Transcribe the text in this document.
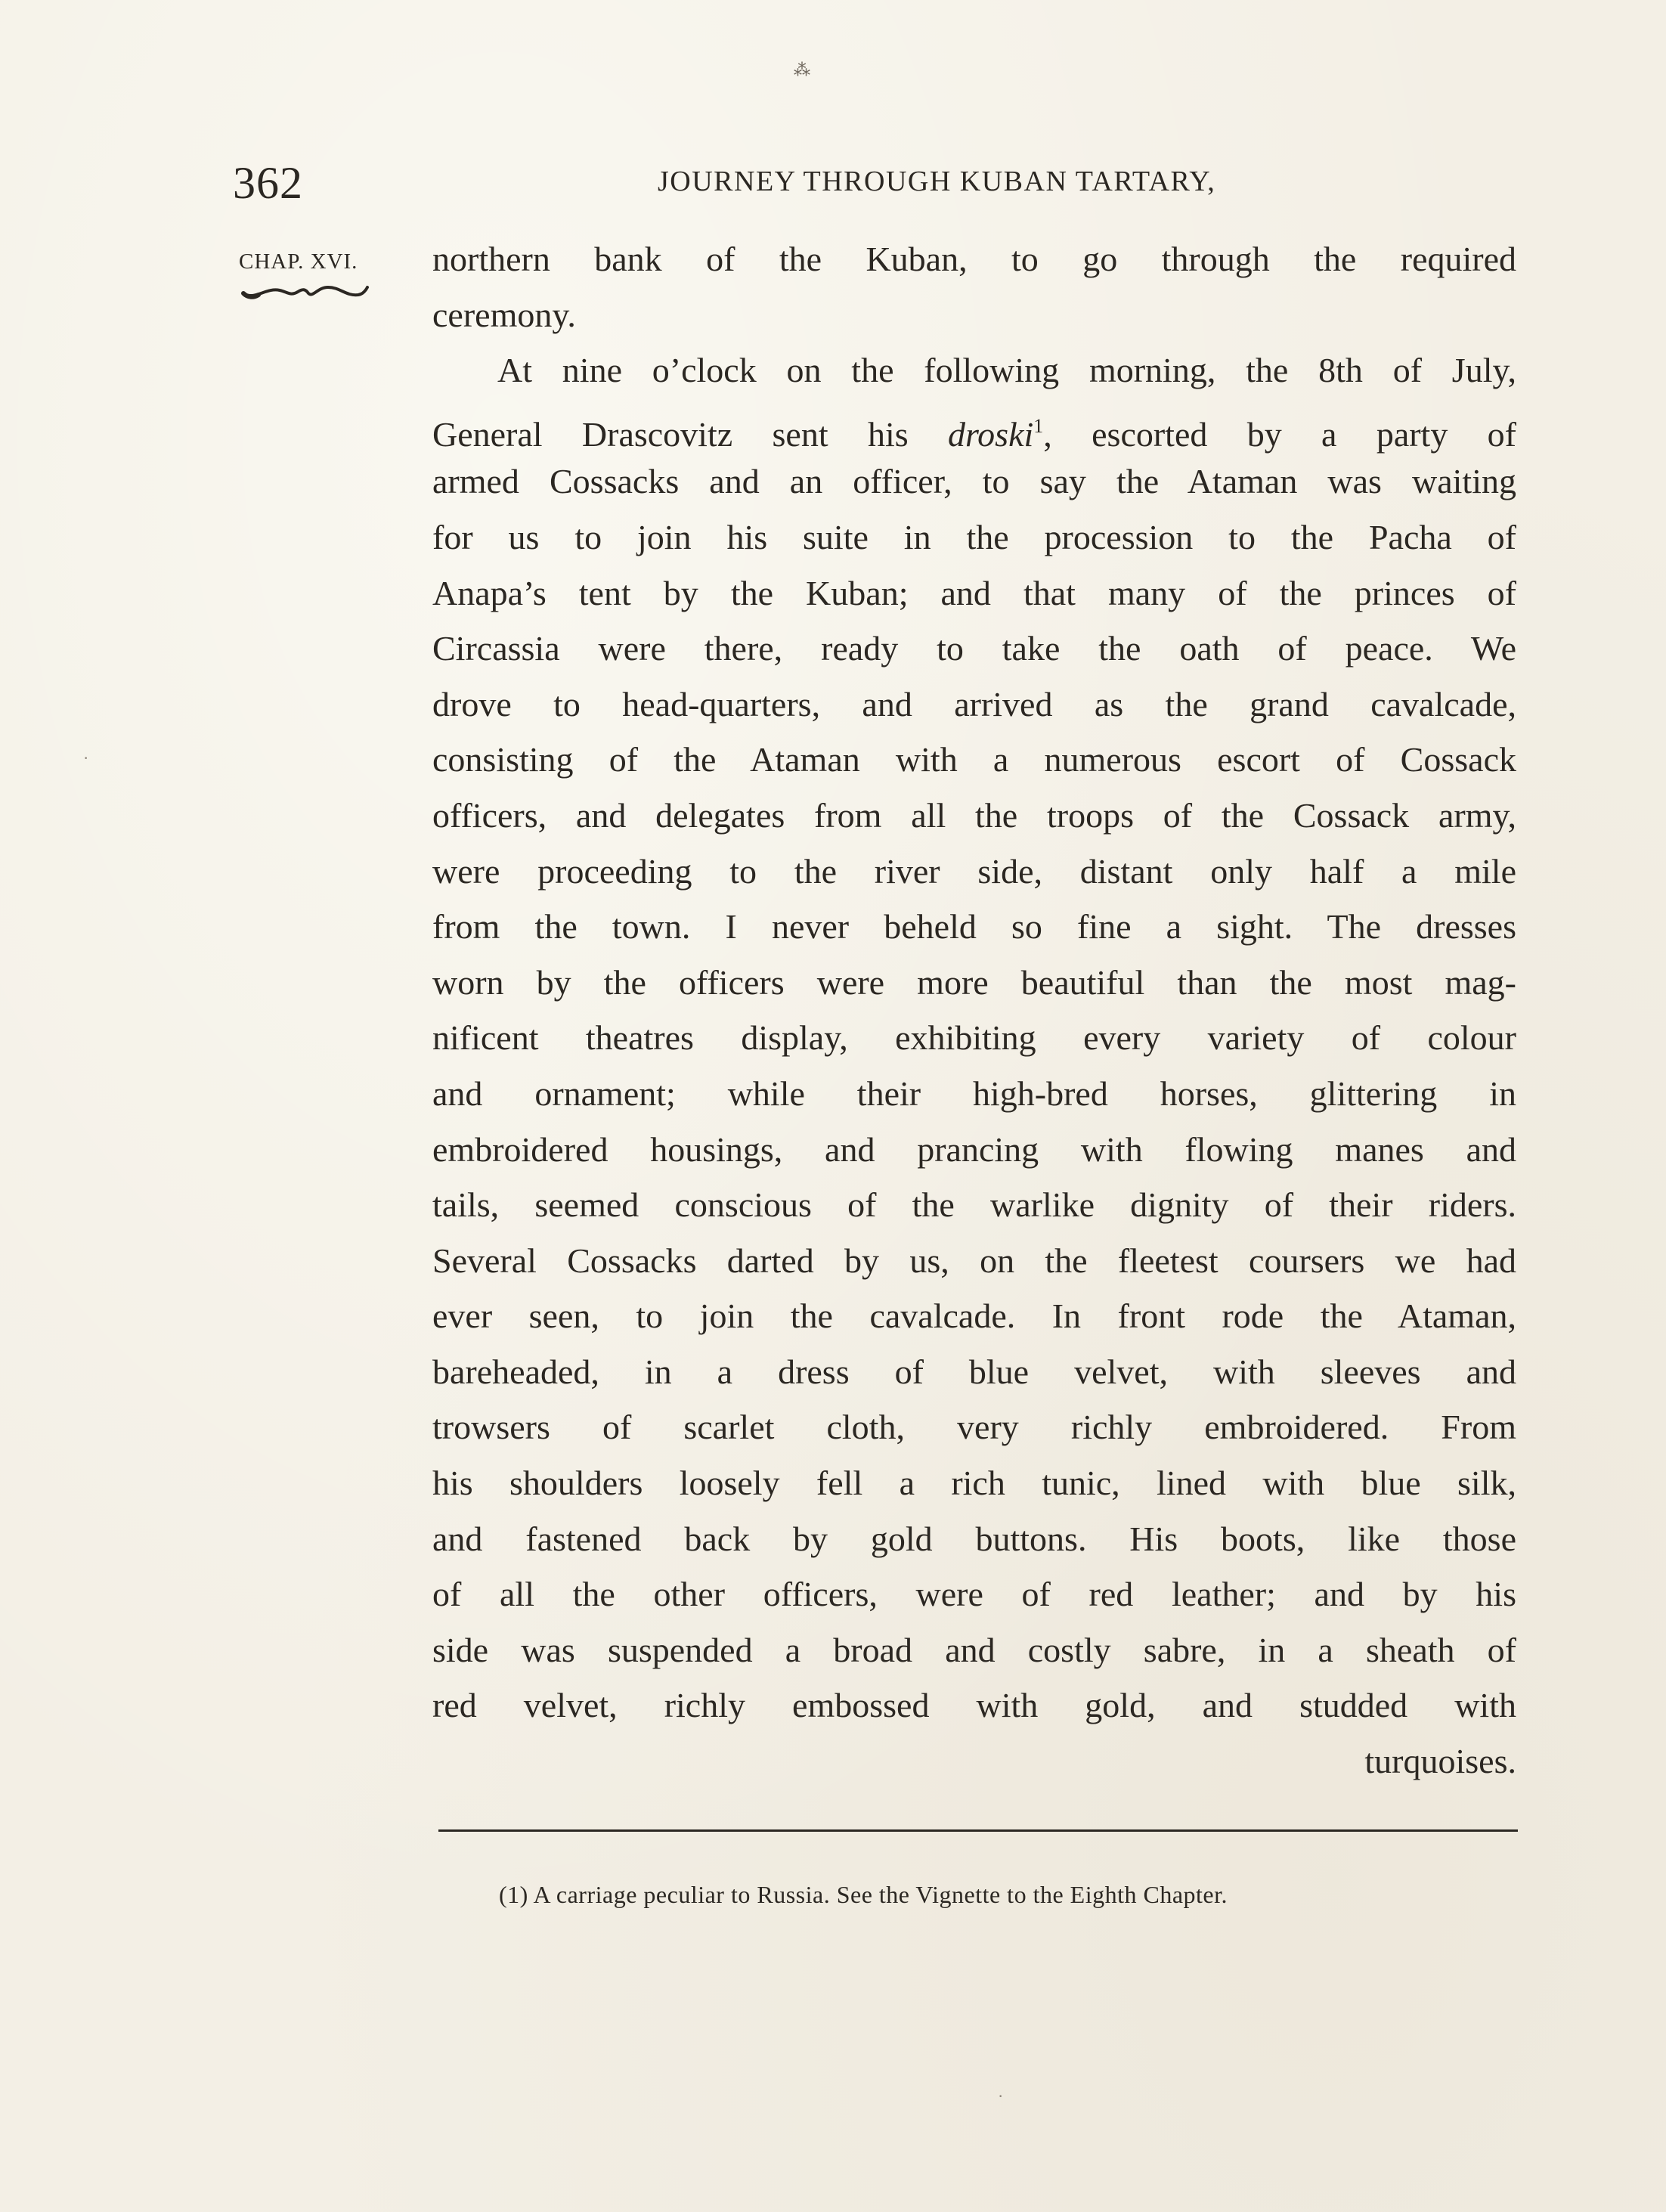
⁂
362	JOURNEY THROUGH KUBAN TARTARY,
CHAP. XVI. northern bank of the Kuban, to go through the required
ceremony.
At nine o’clock on the following morning, the 8th of July,
General Drascovitz sent his droski$^1$, escorted by a party of
armed Cossacks and an officer, to say the Ataman was waiting
for us to join his suite in the procession to the Pacha of
Anapa’s tent by the Kuban; and that many of the princes of
Circassia were there, ready to take the oath of peace. We
drove to head-quarters, and arrived as the grand cavalcade,
consisting of the Ataman with a numerous escort of Cossack
officers, and delegates from all the troops of the Cossack army,
were proceeding to the river side, distant only half a mile
from the town. I never beheld so fine a sight. The dresses
worn by the officers were more beautiful than the most mag-
nificent theatres display, exhibiting every variety of colour
and ornament; while their high-bred horses, glittering in
embroidered housings, and prancing with flowing manes and
tails, seemed conscious of the warlike dignity of their riders.
Several Cossacks darted by us, on the fleetest coursers we had
ever seen, to join the cavalcade. In front rode the Ataman,
bareheaded, in a dress of blue velvet, with sleeves and
trowsers of scarlet cloth, very richly embroidered. From
his shoulders loosely fell a rich tunic, lined with blue silk,
and fastened back by gold buttons. His boots, like those
of all the other officers, were of red leather; and by his
side was suspended a broad and costly sabre, in a sheath of
red velvet, richly embossed with gold, and studded with
turquoises.
(1) A carriage peculiar to Russia. See the Vignette to the Eighth Chapter.
·
·
